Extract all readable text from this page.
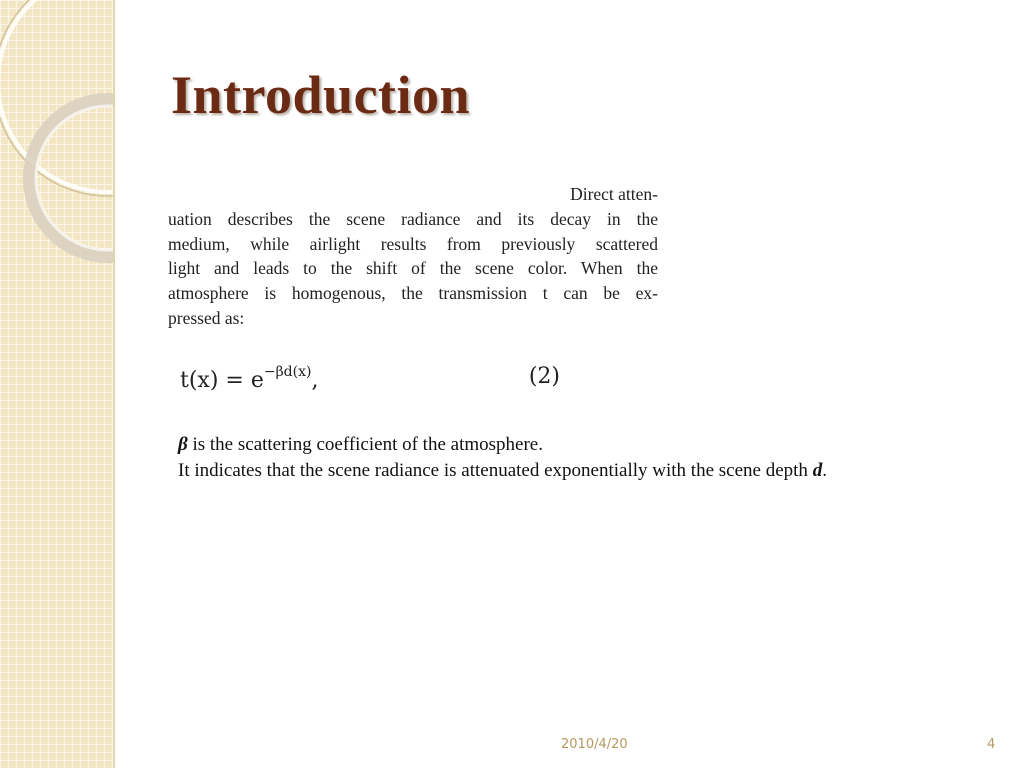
Introduction
Direct atten-
uation describes the scene radiance and its decay in the
medium, while airlight results from previously scattered
light and leads to the shift of the scene color. When the
atmosphere is homogenous, the transmission t can be ex-
pressed as:
$t(x) = e^{-\beta d(x)}$,	(2)

β is the scattering coefficient of the atmosphere.

It indicates that the scene radiance is attenuated exponentially with the scene depth d.

2010/4/20	4
